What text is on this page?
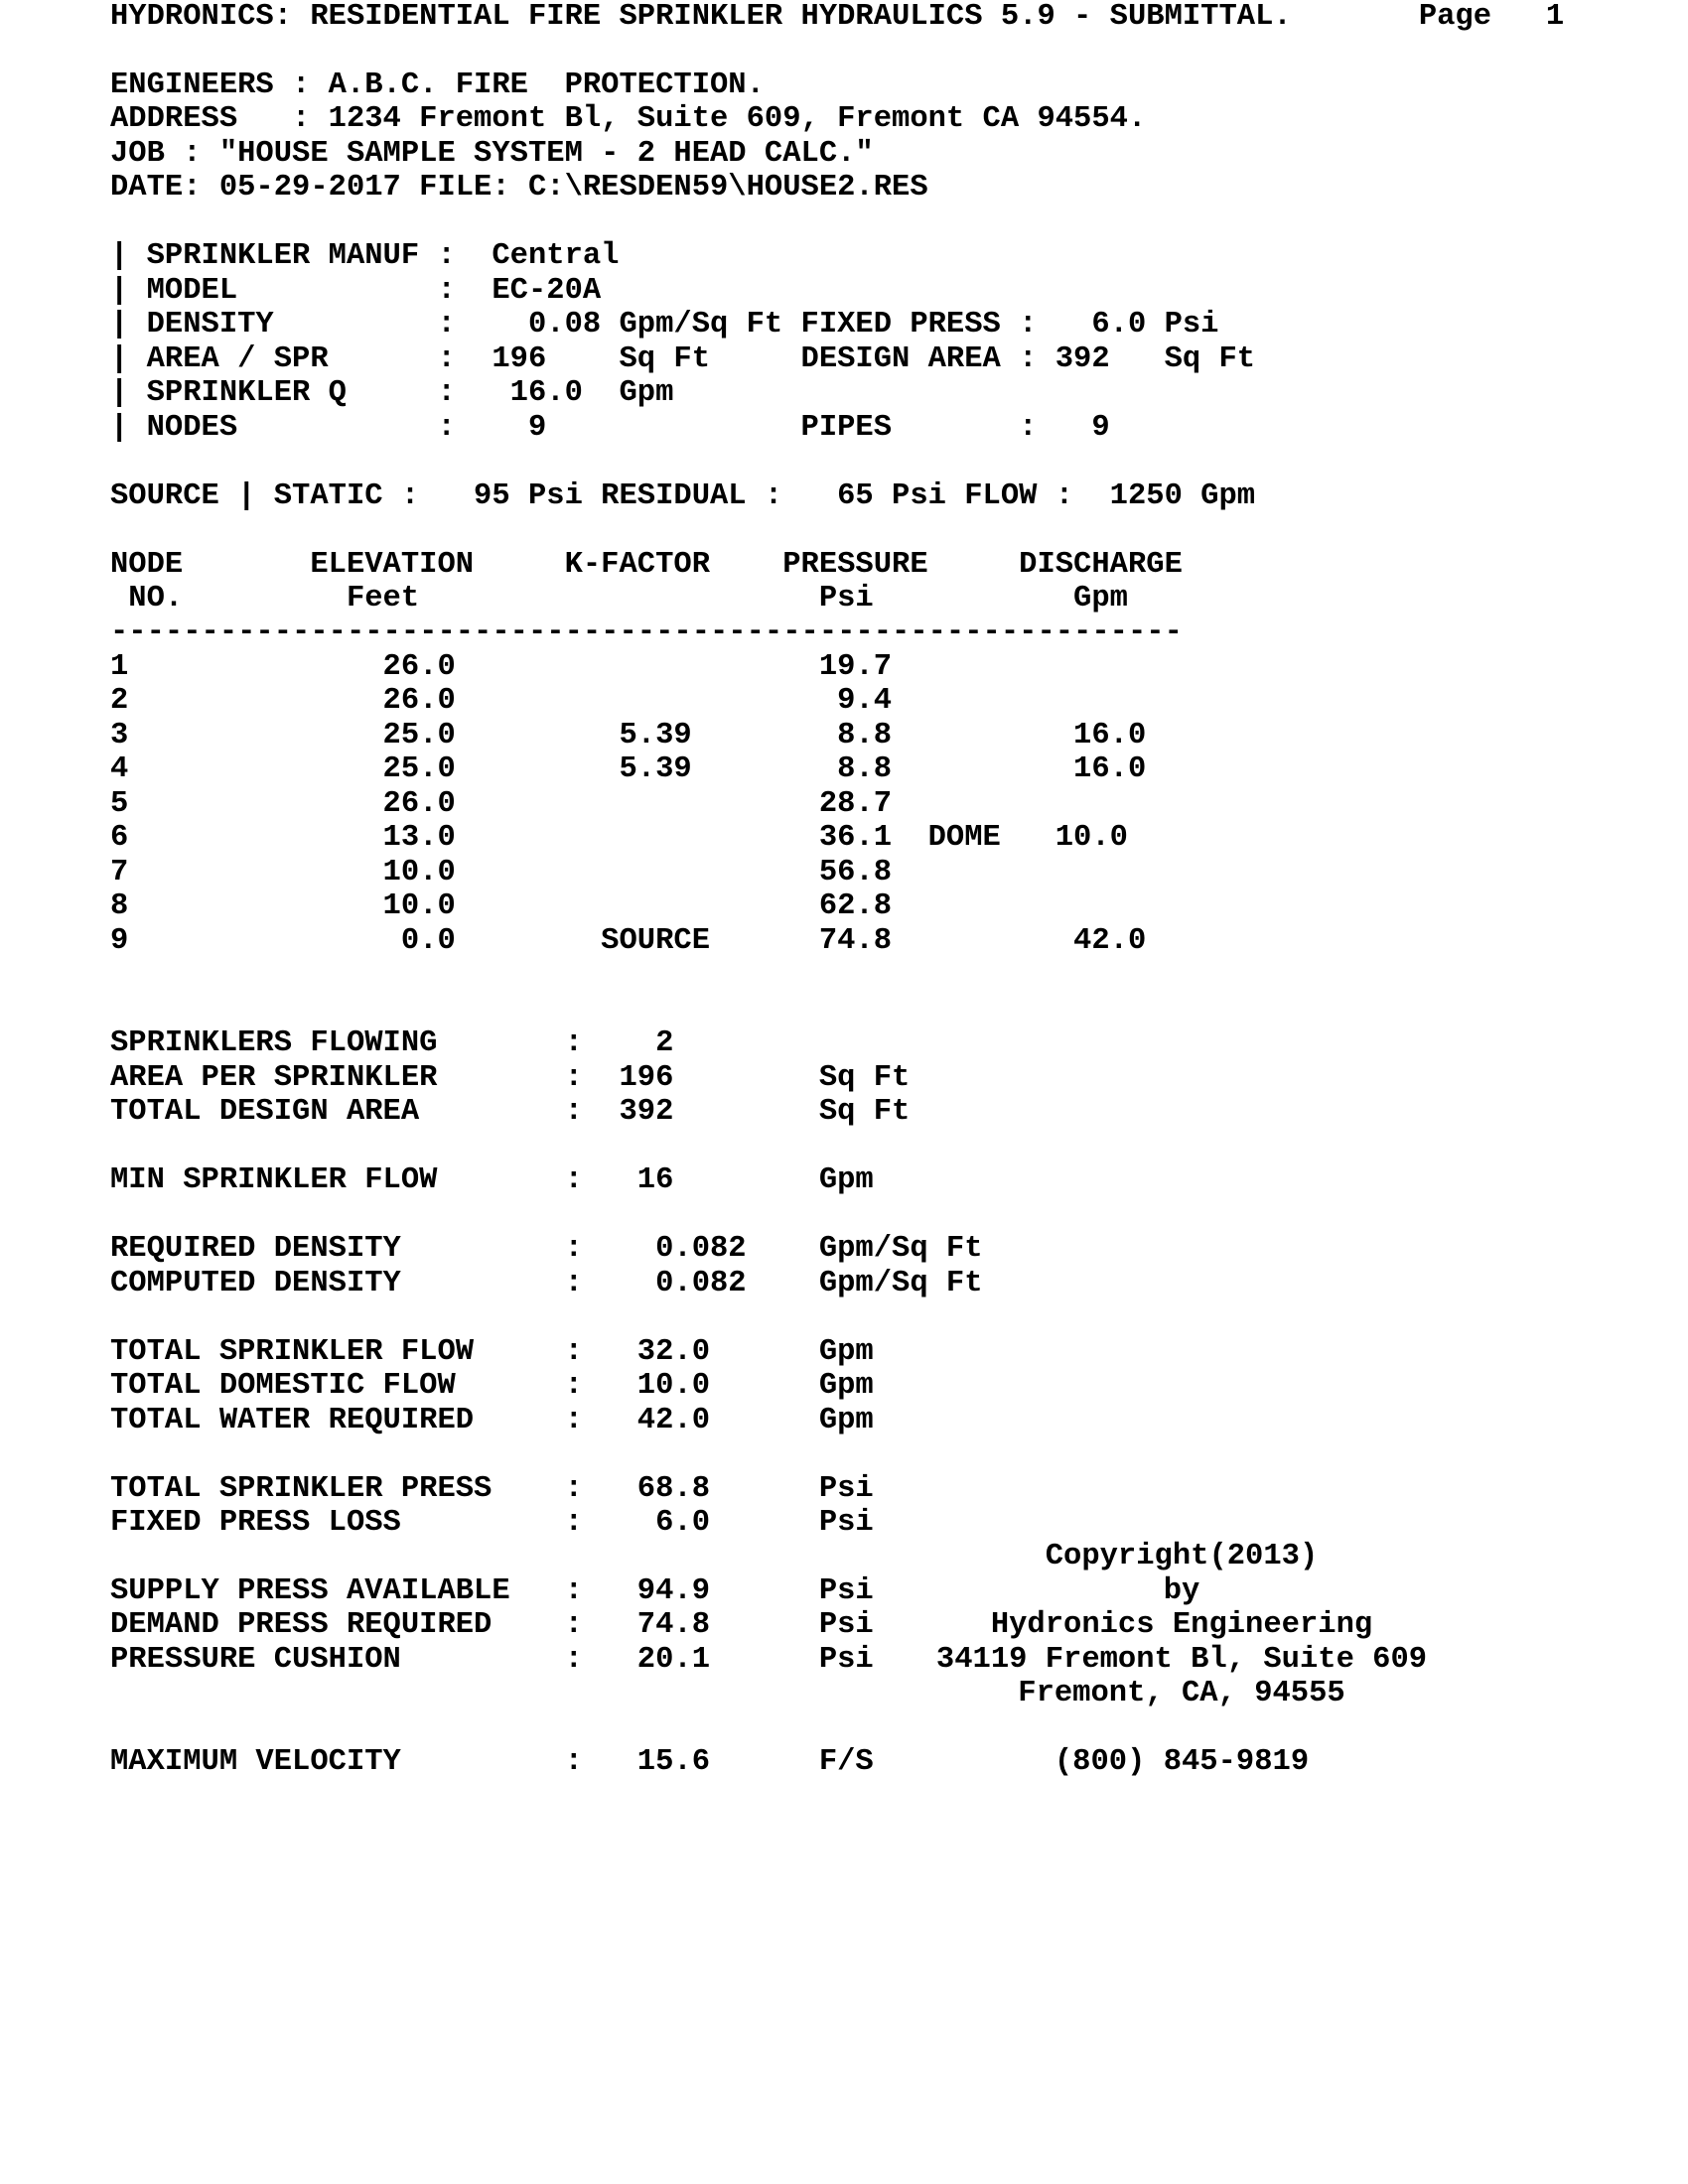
HYDRONICS: RESIDENTIAL FIRE SPRINKLER HYDRAULICS 5.9 - SUBMITTAL.       Page   1
ENGINEERS : A.B.C. FIRE  PROTECTION.
ADDRESS   : 1234 Fremont Bl, Suite 609, Fremont CA 94554.
JOB : "HOUSE SAMPLE SYSTEM - 2 HEAD CALC."
DATE: 05-29-2017 FILE: C:\RESDEN59\HOUSE2.RES
| SPRINKLER MANUF :  Central
| MODEL           :  EC-20A
| DENSITY         :    0.08 Gpm/Sq Ft FIXED PRESS :   6.0 Psi
| AREA / SPR      :  196    Sq Ft     DESIGN AREA : 392   Sq Ft
| SPRINKLER Q     :   16.0  Gpm
| NODES           :    9              PIPES       :   9
SOURCE | STATIC :   95 Psi RESIDUAL :   65 Psi FLOW :  1250 Gpm
NODE       ELEVATION     K-FACTOR    PRESSURE     DISCHARGE
NO.         Feet                      Psi           Gpm
-----------------------------------------------------------
1              26.0                    19.7
2              26.0                     9.4
3              25.0         5.39        8.8          16.0
4              25.0         5.39        8.8          16.0
5              26.0                    28.7
6              13.0                    36.1  DOME   10.0
7              10.0                    56.8
8              10.0                    62.8
9               0.0        SOURCE      74.8          42.0
SPRINKLERS FLOWING       :    2
AREA PER SPRINKLER       :  196        Sq Ft
TOTAL DESIGN AREA        :  392        Sq Ft
MIN SPRINKLER FLOW       :   16        Gpm
REQUIRED DENSITY         :    0.082    Gpm/Sq Ft
COMPUTED DENSITY         :    0.082    Gpm/Sq Ft
TOTAL SPRINKLER FLOW     :   32.0      Gpm
TOTAL DOMESTIC FLOW      :   10.0      Gpm
TOTAL WATER REQUIRED     :   42.0      Gpm
TOTAL SPRINKLER PRESS    :   68.8      Psi
FIXED PRESS LOSS         :    6.0      Psi
SUPPLY PRESS AVAILABLE   :   94.9      Psi
DEMAND PRESS REQUIRED    :   74.8      Psi
PRESSURE CUSHION         :   20.1      Psi
MAXIMUM VELOCITY         :   15.6      F/S
Copyright(2013)
by
Hydronics Engineering
34119 Fremont Bl, Suite 609
Fremont, CA, 94555
(800) 845-9819
